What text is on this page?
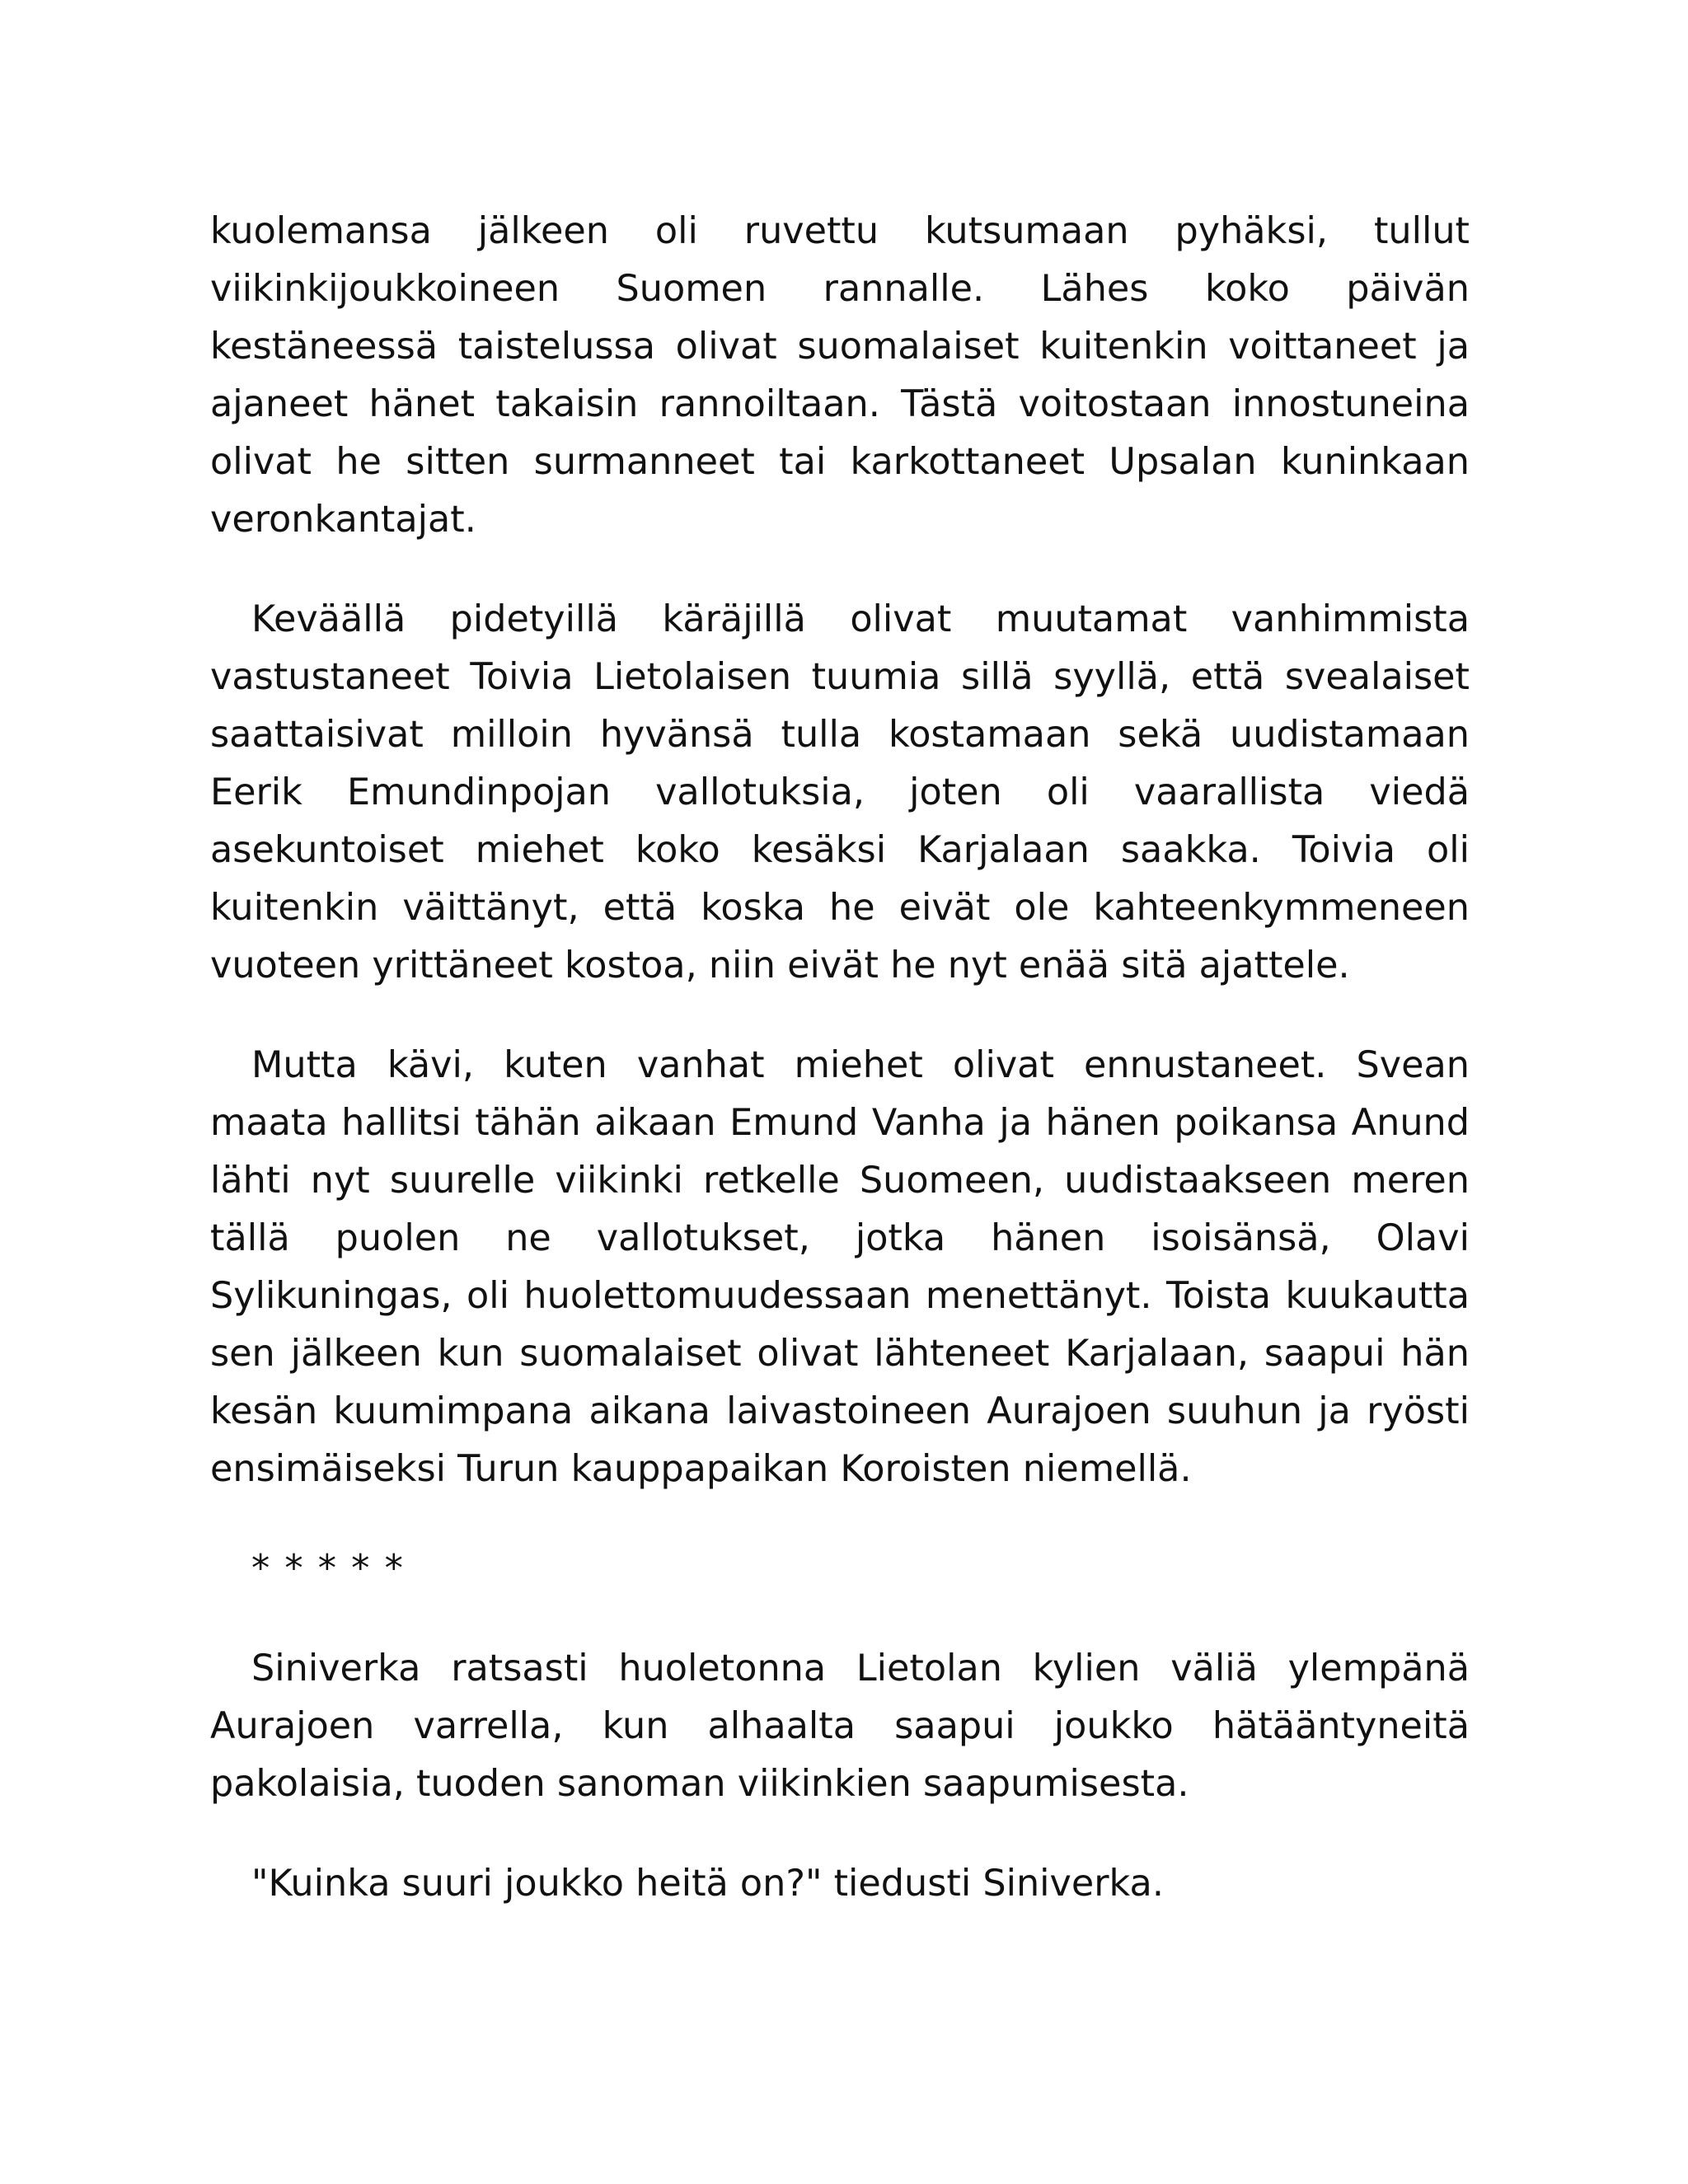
kuolemansa jälkeen oli ruvettu kutsumaan pyhäksi, tullut viikinkijoukkoineen Suomen rannalle. Lähes koko päivän kestäneessä taistelussa olivat suomalaiset kuitenkin voittaneet ja ajaneet hänet takaisin rannoiltaan. Tästä voitostaan innostuneina olivat he sitten surmanneet tai karkottaneet Upsalan kuninkaan veronkantajat.

Keväällä pidetyillä käräjillä olivat muutamat vanhimmista vastustaneet Toivia Lietolaisen tuumia sillä syyllä, että svealaiset saattaisivat milloin hyvänsä tulla kostamaan sekä uudistamaan Eerik Emundinpojan vallotuksia, joten oli vaarallista viedä asekuntoiset miehet koko kesäksi Karjalaan saakka. Toivia oli kuitenkin väittänyt, että koska he eivät ole kahteenkymmeneen vuoteen yrittäneet kostoa, niin eivät he nyt enää sitä ajattele.

Mutta kävi, kuten vanhat miehet olivat ennustaneet. Svean maata hallitsi tähän aikaan Emund Vanha ja hänen poikansa Anund lähti nyt suurelle viikinki retkelle Suomeen, uudistaakseen meren tällä puolen ne vallotukset, jotka hänen isoisänsä, Olavi Sylikuningas, oli huolettomuudessaan menettänyt. Toista kuukautta sen jälkeen kun suomalaiset olivat lähteneet Karjalaan, saapui hän kesän kuumimpana aikana laivastoineen Aurajoen suuhun ja ryösti ensimäiseksi Turun kauppapaikan Koroisten niemellä.

* * * * *

Siniverka ratsasti huoletonna Lietolan kylien väliä ylempänä Aurajoen varrella, kun alhaalta saapui joukko hätääntyneitä pakolaisia, tuoden sanoman viikinkien saapumisesta.

"Kuinka suuri joukko heitä on?" tiedusti Siniverka.
